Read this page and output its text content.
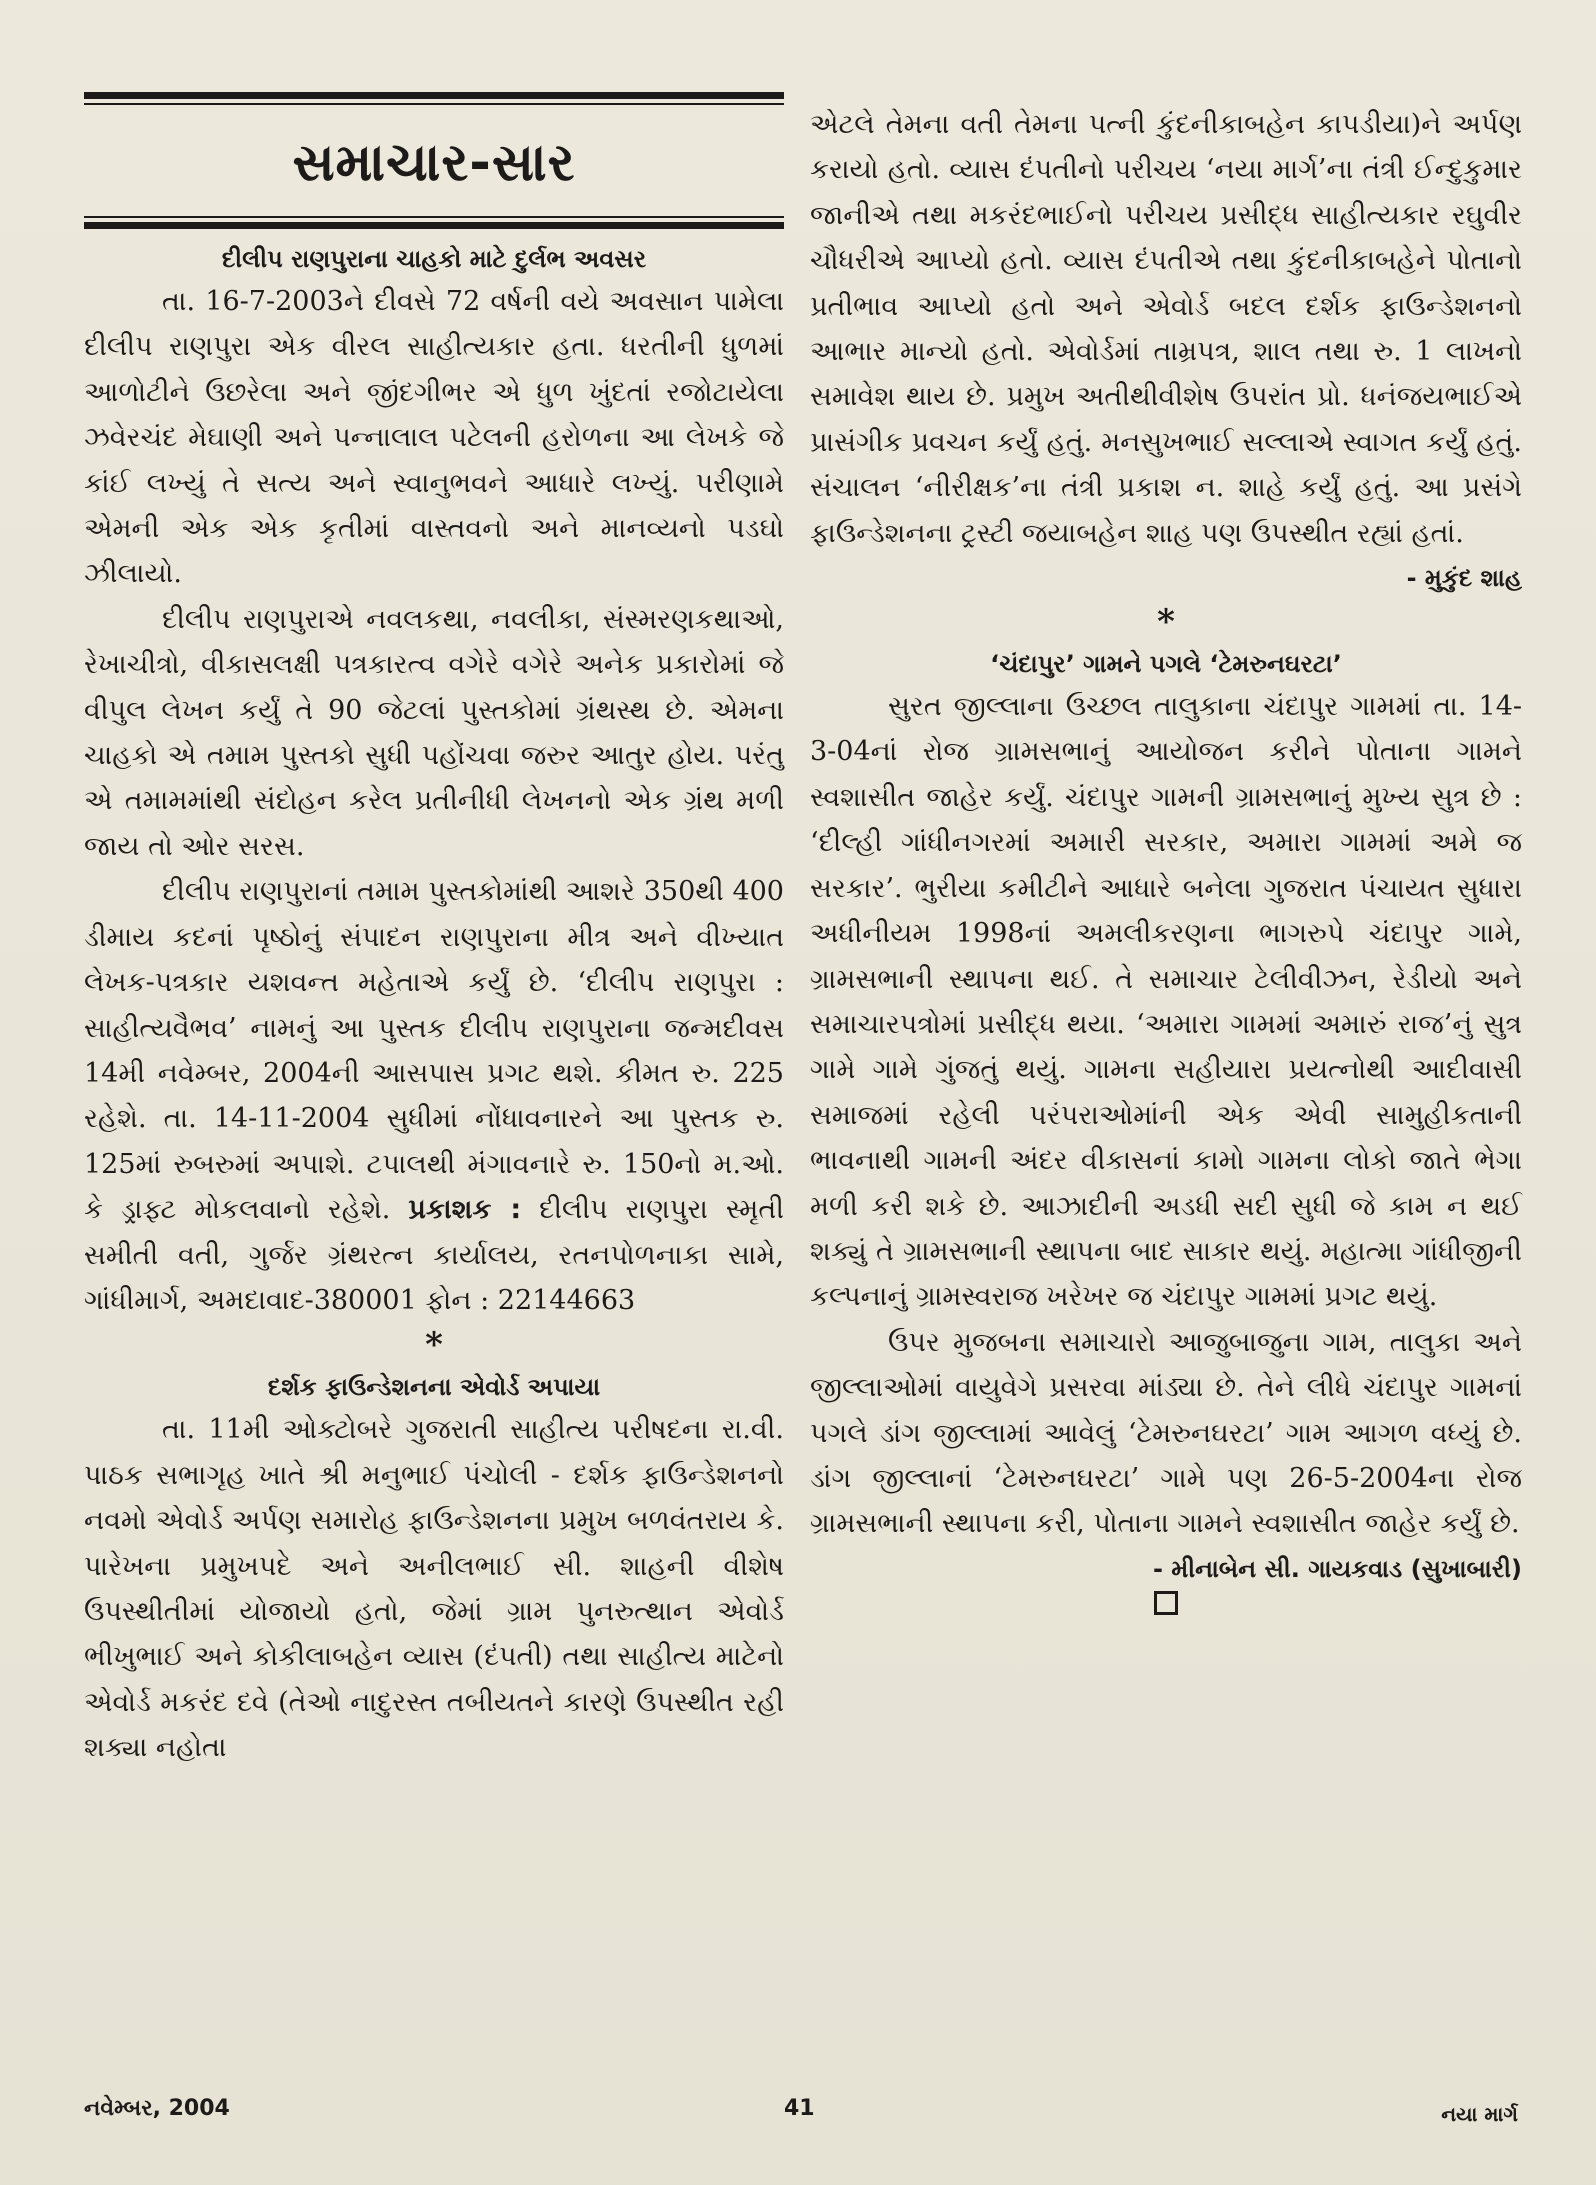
સમાચાર-સાર
દીલીપ રાણપુરાના ચાહકો માટે દુર્લભ અવસર

તા. 16-7-2003ને દીવસે 72 વર્ષની વયે અવસાન પામેલા દીલીપ રાણપુરા એક વીરલ સાહીત્યકાર હતા. ધરતીની ધુળમાં આળોટીને ઉછરેલા અને જીંદગીભર એ ધુળ ખુંદતાં રજોટાયેલા ઝવેરચંદ મેઘાણી અને પન્નાલાલ પટેલની હરોળના આ લેખકે જે કાંઈ લખ્યું તે સત્ય અને સ્વાનુભવને આધારે લખ્યું. પરીણામે એમની એક એક કૃતીમાં વાસ્તવનો અને માનવ્યનો પડઘો ઝીલાયો.

દીલીપ રાણપુરાએ નવલકથા, નવલીકા, સંસ્મરણકથાઓ, રેખાચીત્રો, વીકાસલક્ષી પત્રકારત્વ વગેરે વગેરે અનેક પ્રકારોમાં જે વીપુલ લેખન કર્યું તે 90 જેટલાં પુસ્તકોમાં ગ્રંથસ્થ છે. એમના ચાહકો એ તમામ પુસ્તકો સુધી પહોંચવા જરુર આતુર હોય. પરંતુ એ તમામમાંથી સંદોહન કરેલ પ્રતીનીધી લેખનનો એક ગ્રંથ મળી જાય તો ઓર સરસ.

દીલીપ રાણપુરાનાં તમામ પુસ્તકોમાંથી આશરે 350થી 400 ડીમાય કદનાં પૃષ્ઠોનું સંપાદન રાણપુરાના મીત્ર અને વીખ્યાત લેખક-પત્રકાર યશવન્ત મહેતાએ કર્યું છે. ‘દીલીપ રાણપુરા : સાહીત્યવૈભવ’ નામનું આ પુસ્તક દીલીપ રાણપુરાના જન્મદીવસ 14મી નવેમ્બર, 2004ની આસપાસ પ્રગટ થશે. કીમત રુ. 225 રહેશે. તા. 14-11-2004 સુધીમાં નોંધાવનારને આ પુસ્તક રુ. 125માં રુબરુમાં અપાશે. ટપાલથી મંગાવનારે રુ. 150નો મ.ઓ. કે ડ્રાફ્ટ મોકલવાનો રહેશે. પ્રકાશક : દીલીપ રાણપુરા સ્મૃતી સમીતી વતી, ગુર્જર ગ્રંથરત્ન કાર્યાલય, રતનપોળનાકા સામે, ગાંધીમાર્ગ, અમદાવાદ-380001 ફોન : 22144663

*
દર્શક ફાઉન્ડેશનના એવોર્ડ અપાયા

તા. 11મી ઓક્ટોબરે ગુજરાતી સાહીત્ય પરીષદના રા.વી. પાઠક સભાગૃહ ખાતે શ્રી મનુભાઈ પંચોલી - દર્શક ફાઉન્ડેશનનો નવમો એવોર્ડ અર્પણ સમારોહ ફાઉન્ડેશનના પ્રમુખ બળવંતરાય કે. પારેખના પ્રમુખપદે અને અનીલભાઈ સી. શાહની વીશેષ ઉપસ્થીતીમાં યોજાયો હતો, જેમાં ગ્રામ પુનરુત્થાન એવોર્ડ ભીખુભાઈ અને કોકીલાબહેન વ્યાસ (દંપતી) તથા સાહીત્ય માટેનો એવોર્ડ મકરંદ દવે (તેઓ નાદુરસ્ત તબીયતને કારણે ઉપસ્થીત રહી શક્યા નહોતા

એટલે તેમના વતી તેમના પત્ની કુંદનીકાબહેન કાપડીયા)ને અર્પણ કરાયો હતો. વ્યાસ દંપતીનો પરીચય ‘નયા માર્ગ’ના તંત્રી ઈન્દુકુમાર જાનીએ તથા મકરંદભાઈનો પરીચય પ્રસીદ્ધ સાહીત્યકાર રઘુવીર ચૌધરીએ આપ્યો હતો. વ્યાસ દંપતીએ તથા કુંદનીકાબહેને પોતાનો પ્રતીભાવ આપ્યો હતો અને એવોર્ડ બદલ દર્શક ફાઉન્ડેશનનો આભાર માન્યો હતો. એવોર્ડમાં તામ્રપત્ર, શાલ તથા રુ. 1 લાખનો સમાવેશ થાય છે. પ્રમુખ અતીથીવીશેષ ઉપરાંત પ્રો. ધનંજયભાઈએ પ્રાસંગીક પ્રવચન કર્યું હતું. મનસુખભાઈ સલ્લાએ સ્વાગત કર્યું હતું. સંચાલન ‘નીરીક્ષક’ના તંત્રી પ્રકાશ ન. શાહે કર્યું હતું. આ પ્રસંગે ફાઉન્ડેશનના ટ્રસ્ટી જયાબહેન શાહ પણ ઉપસ્થીત રહ્યાં હતાં.

- મુકુંદ શાહ
*
‘ચંદાપુર’ ગામને પગલે ‘ટેમરુનઘરટા’

સુરત જીલ્લાના ઉચ્છલ તાલુકાના ચંદાપુર ગામમાં તા. 14-3-04નાં રોજ ગ્રામસભાનું આયોજન કરીને પોતાના ગામને સ્વશાસીત જાહેર કર્યું. ચંદાપુર ગામની ગ્રામસભાનું મુખ્ય સુત્ર છે : ‘દીલ્હી ગાંધીનગરમાં અમારી સરકાર, અમારા ગામમાં અમે જ સરકાર’. ભુરીયા કમીટીને આધારે બનેલા ગુજરાત પંચાયત સુધારા અધીનીયમ 1998નાં અમલીકરણના ભાગરુપે ચંદાપુર ગામે, ગ્રામસભાની સ્થાપના થઈ. તે સમાચાર ટેલીવીઝન, રેડીયો અને સમાચારપત્રોમાં પ્રસીદ્ધ થયા. ‘અમારા ગામમાં અમારું રાજ’નું સુત્ર ગામે ગામે ગુંજતું થયું. ગામના સહીયારા પ્રયત્નોથી આદીવાસી સમાજમાં રહેલી પરંપરાઓમાંની એક એવી સામુહીકતાની ભાવનાથી ગામની અંદર વીકાસનાં કામો ગામના લોકો જાતે ભેગા મળી કરી શકે છે. આઝાદીની અડધી સદી સુધી જે કામ ન થઈ શક્યું તે ગ્રામસભાની સ્થાપના બાદ સાકાર થયું. મહાત્મા ગાંધીજીની કલ્પનાનું ગ્રામસ્વરાજ ખરેખર જ ચંદાપુર ગામમાં પ્રગટ થયું.

ઉપર મુજબના સમાચારો આજુબાજુના ગામ, તાલુકા અને જીલ્લાઓમાં વાયુવેગે પ્રસરવા માંડ્યા છે. તેને લીધે ચંદાપુર ગામનાં પગલે ડાંગ જીલ્લામાં આવેલું ‘ટેમરુનઘરટા’ ગામ આગળ વધ્યું છે. ડાંગ જીલ્લાનાં ‘ટેમરુનઘરટા’ ગામે પણ 26-5-2004ના રોજ ગ્રામસભાની સ્થાપના કરી, પોતાના ગામને સ્વશાસીત જાહેર કર્યું છે.

- મીનાબેન સી. ગાયકવાડ (સુખાબારી)
નવેમ્બર, 2004	41	નયા માર્ગ
